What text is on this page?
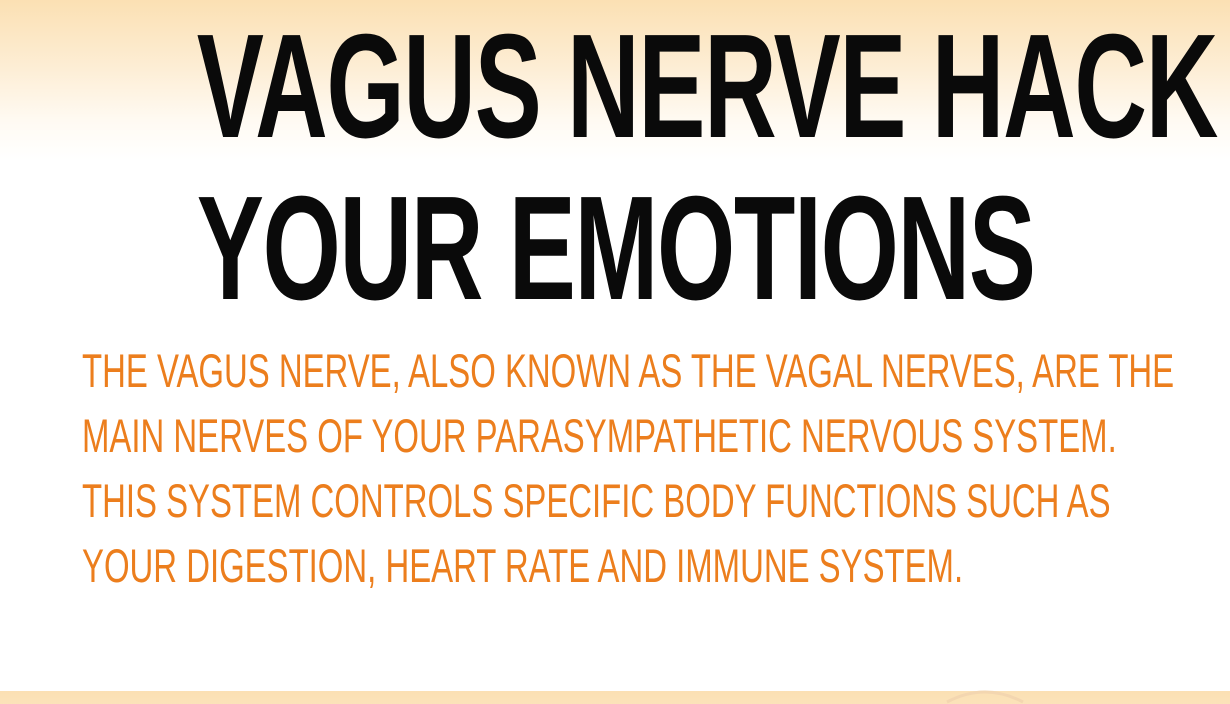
VAGUS NERVE HACK
YOUR EMOTIONS

THE VAGUS NERVE, ALSO KNOWN AS THE VAGAL NERVES, ARE THE
MAIN NERVES OF YOUR PARASYMPATHETIC NERVOUS SYSTEM.
THIS SYSTEM CONTROLS SPECIFIC BODY FUNCTIONS SUCH AS
YOUR DIGESTION, HEART RATE AND IMMUNE SYSTEM.
